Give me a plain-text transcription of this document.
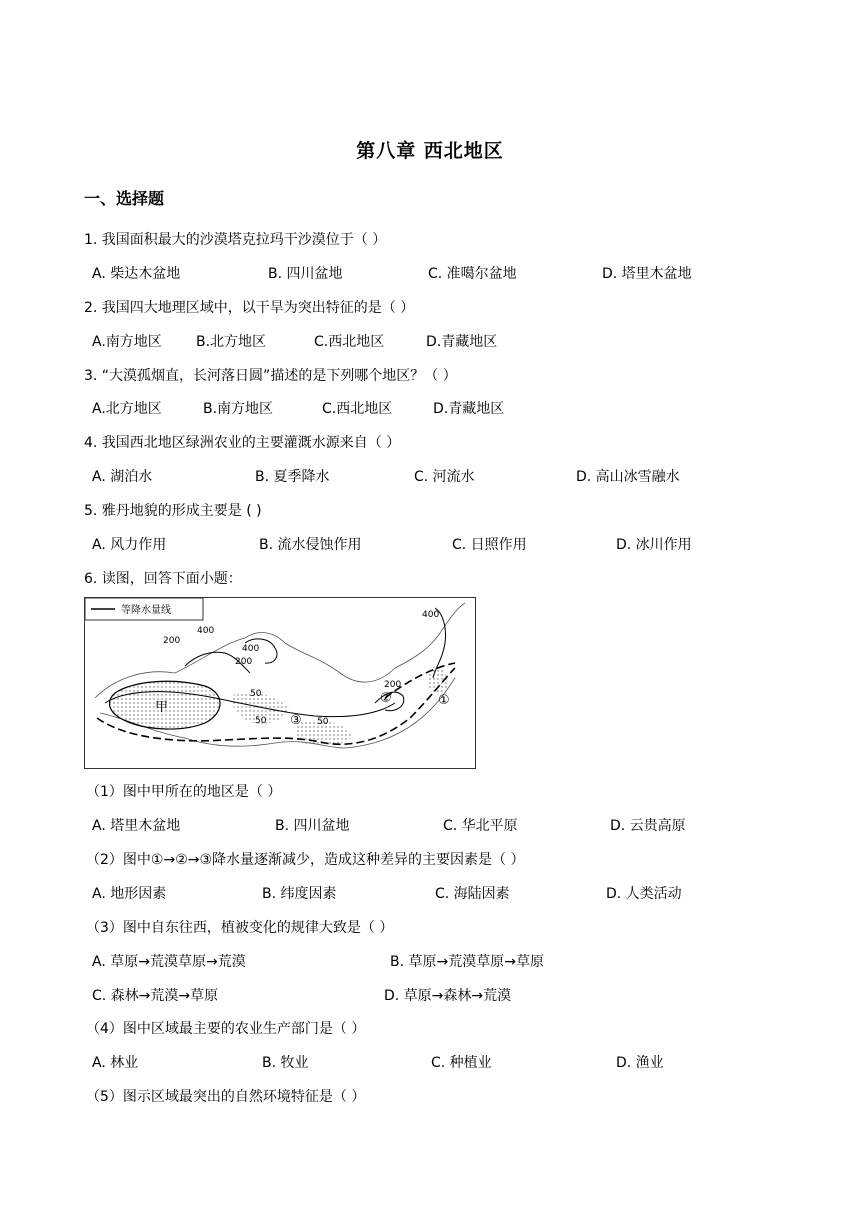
第八章 西北地区
一、选择题
1. 我国面积最大的沙漠塔克拉玛干沙漠位于（ ）
A. 柴达木盆地	B. 四川盆地	C. 准噶尔盆地	D. 塔里木盆地
2. 我国四大地理区域中，以干旱为突出特征的是（ ）
A.南方地区 B.北方地区	C.西北地区	D.青藏地区
3. “大漠孤烟直，长河落日圆”描述的是下列哪个地区？（ ）
A.北方地区	B.南方地区	C.西北地区	D.青藏地区
4. 我国西北地区绿洲农业的主要灌溉水源来自（ ）
A. 湖泊水	B. 夏季降水	C. 河流水	D. 高山冰雪融水
5. 雅丹地貌的形成主要是 ( )
A. 风力作用	B. 流水侵蚀作用	C. 日照作用	D. 冰川作用
6. 读图，回答下面小题：
等降水量线
200
400
400
200
50
50	50
400
200
甲	①
②
③
（1）图中甲所在的地区是（ ）
A. 塔里木盆地	B. 四川盆地	C. 华北平原	D. 云贵高原
（2）图中①→②→③降水量逐渐减少，造成这种差异的主要因素是（ ）
A. 地形因素	B. 纬度因素	C. 海陆因素	D. 人类活动
（3）图中自东往西，植被变化的规律大致是（ ）
A. 草原→荒漠草原→荒漠	B. 草原→荒漠草原→草原
C. 森林→荒漠→草原	D. 草原→森林→荒漠
（4）图中区域最主要的农业生产部门是（ ）
A. 林业	B. 牧业	C. 种植业	D. 渔业
（5）图示区域最突出的自然环境特征是（ ）
